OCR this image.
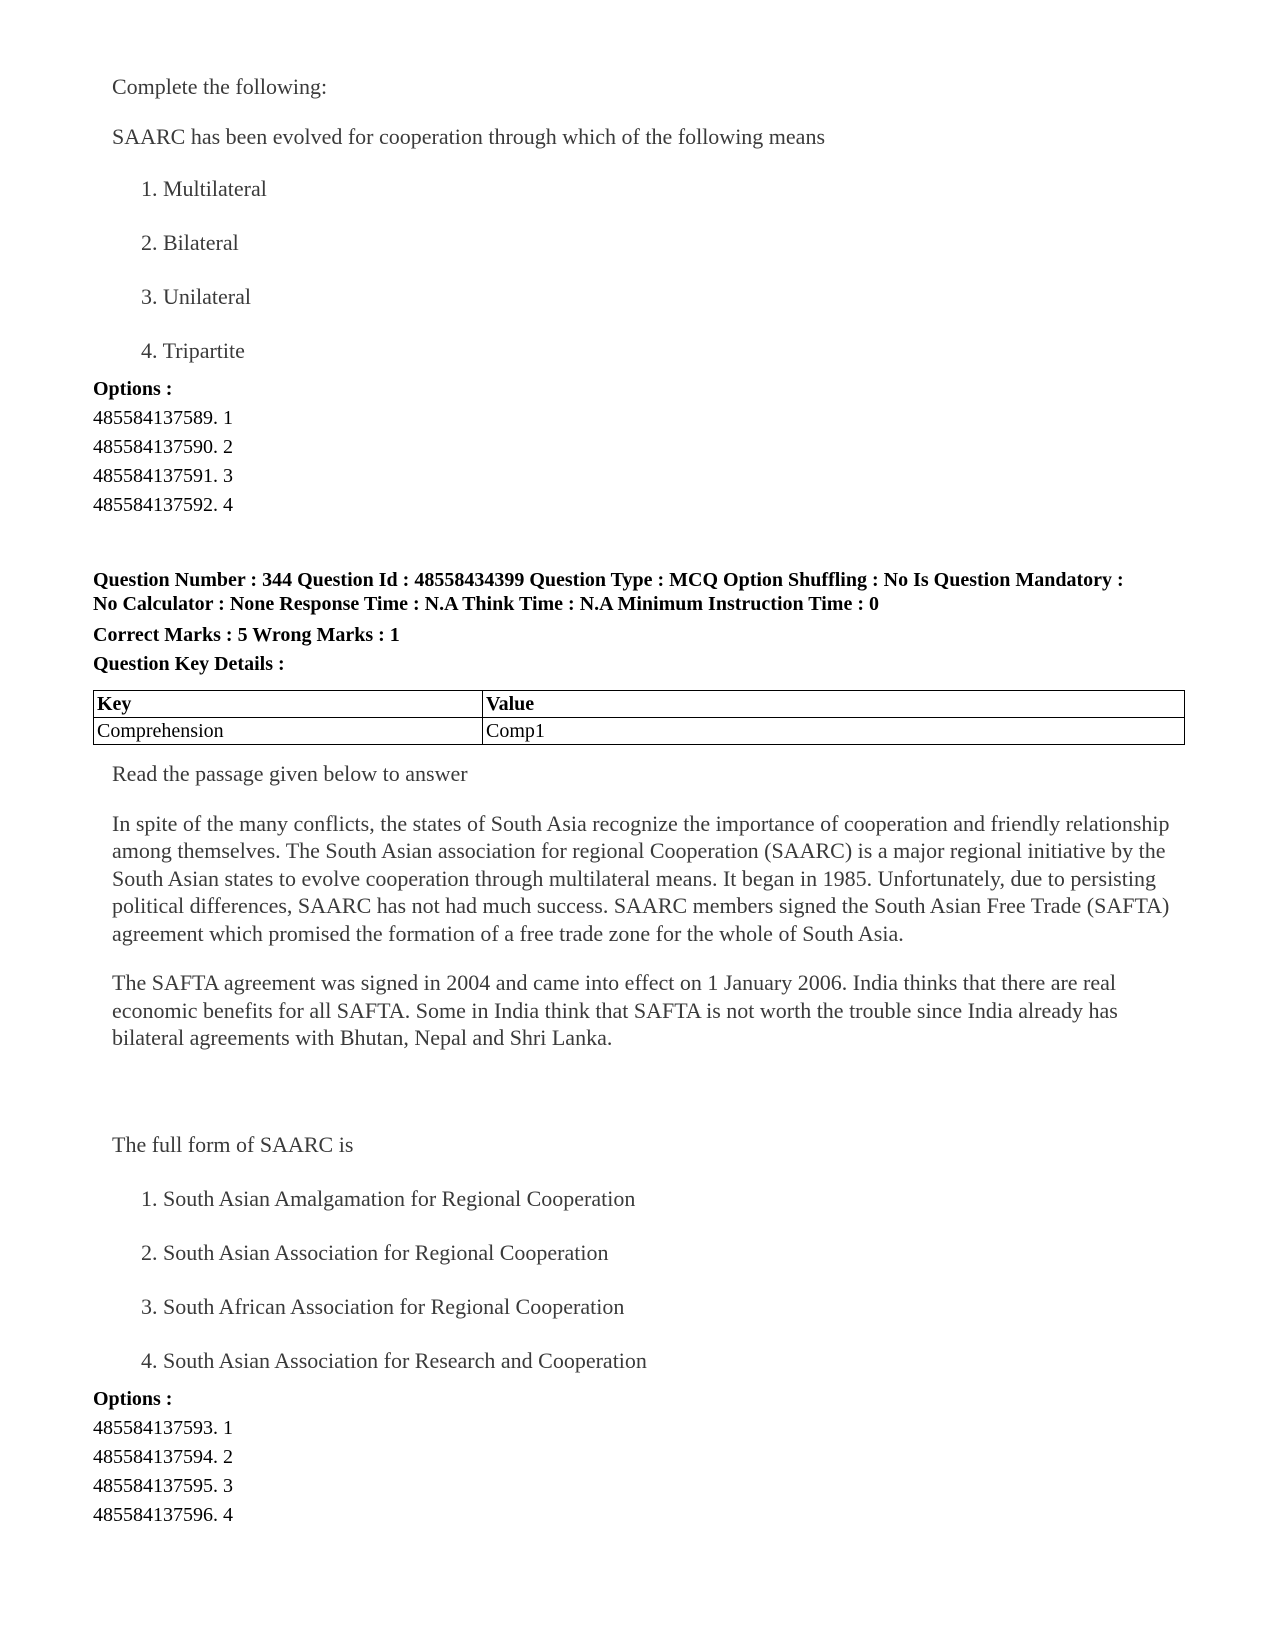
Complete the following:

SAARC has been evolved for cooperation through which of the following means

1. Multilateral
2. Bilateral
3. Unilateral
4. Tripartite
Options :
485584137589. 1
485584137590. 2
485584137591. 3
485584137592. 4
Question Number : 344 Question Id : 48558434399 Question Type : MCQ Option Shuffling : No Is Question Mandatory :
No Calculator : None Response Time : N.A Think Time : N.A Minimum Instruction Time : 0
Correct Marks : 5 Wrong Marks : 1
Question Key Details :
Key	Value
Comprehension	Comp1

Read the passage given below to answer

In spite of the many conflicts, the states of South Asia recognize the importance of cooperation and friendly relationship among themselves. The South Asian association for regional Cooperation (SAARC) is a major regional initiative by the South Asian states to evolve cooperation through multilateral means. It began in 1985. Unfortunately, due to persisting political differences, SAARC has not had much success. SAARC members signed the South Asian Free Trade (SAFTA) agreement which promised the formation of a free trade zone for the whole of South Asia.

The SAFTA agreement was signed in 2004 and came into effect on 1 January 2006. India thinks that there are real economic benefits for all SAFTA. Some in India think that SAFTA is not worth the trouble since India already has bilateral agreements with Bhutan, Nepal and Shri Lanka.

The full form of SAARC is

1. South Asian Amalgamation for Regional Cooperation
2. South Asian Association for Regional Cooperation
3. South African Association for Regional Cooperation
4. South Asian Association for Research and Cooperation
Options :
485584137593. 1
485584137594. 2
485584137595. 3
485584137596. 4
